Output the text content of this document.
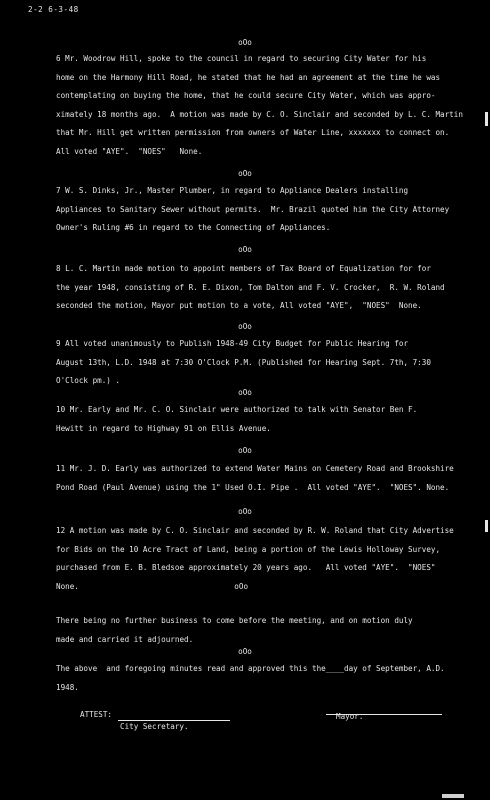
2-2 6-3-48
oOo
6 Mr. Woodrow Hill, spoke to the council in regard to securing City Water for his
home on the Harmony Hill Road, he stated that he had an agreement at the time he was
contemplating on buying the home, that he could secure City Water, which was appro-
ximately 18 months ago.  A motion was made by C. O. Sinclair and seconded by L. C. Martin
that Mr. Hill get written permission from owners of Water Line, xxxxxxx to connect on.
All voted "AYE".  "NOES"   None.
oOo
7 W. S. Dinks, Jr., Master Plumber, in regard to Appliance Dealers installing
Appliances to Sanitary Sewer without permits.  Mr. Brazil quoted him the City Attorney
Owner's Ruling #6 in regard to the Connecting of Appliances.
oOo
8 L. C. Martin made motion to appoint members of Tax Board of Equalization for for
the year 1948, consisting of R. E. Dixon, Tom Dalton and F. V. Crocker,  R. W. Roland
seconded the motion, Mayor put motion to a vote, All voted "AYE",  "NOES"  None.
oOo
9 All voted unanimously to Publish 1948-49 City Budget for Public Hearing for
August 13th, L.D. 1948 at 7:30 O'Clock P.M. (Published for Hearing Sept. 7th, 7:30
O'Clock pm.) .
oOo
10 Mr. Early and Mr. C. O. Sinclair were authorized to talk with Senator Ben F.
Hewitt in regard to Highway 91 on Ellis Avenue.
oOo
11 Mr. J. D. Early was authorized to extend Water Mains on Cemetery Road and Brookshire
Pond Road (Paul Avenue) using the 1" Used O.I. Pipe .  All voted "AYE".  "NOES". None.
oOo
12 A motion was made by C. O. Sinclair and seconded by R. W. Roland that City Advertise
for Bids on the 10 Acre Tract of Land, being a portion of the Lewis Holloway Survey,
purchased from E. B. Bledsoe approximately 20 years ago.   All voted "AYE".  "NOES"
None.                                  oOo
There being no further business to come before the meeting, and on motion duly
made and carried it adjourned.
oOo
The above  and foregoing minutes read and approved this the____day of September, A.D.
1948.
ATTEST:
City Secretary.
Mayor.
